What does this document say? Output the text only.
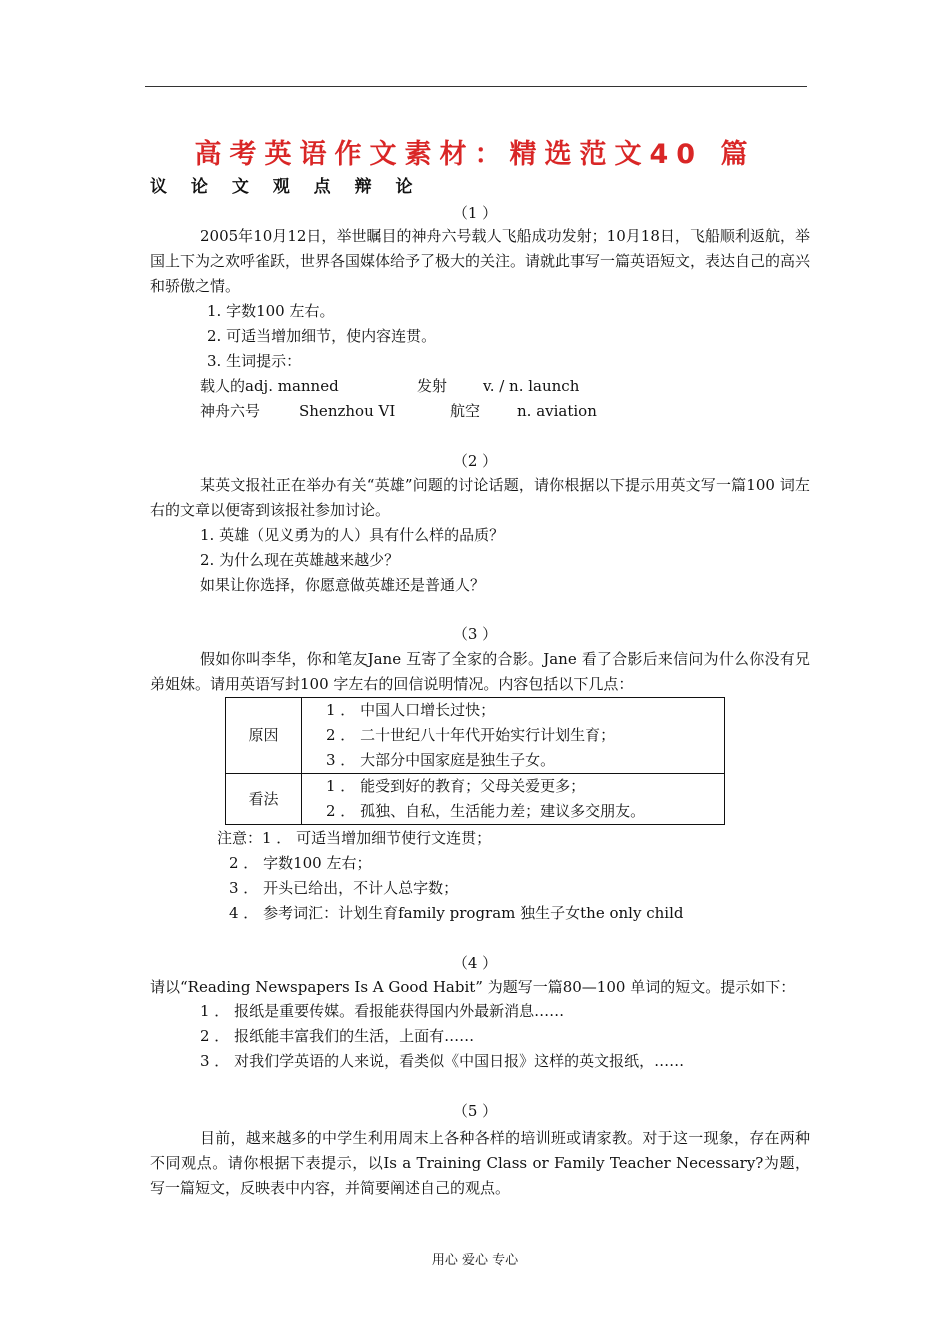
高考英语作文素材：精选范文40 篇
议 论 文 观 点 辩 论
（1 ）
2005年10月12日，举世瞩目的神舟六号载人飞船成功发射；10月18日，飞船顺利返航，举国上下为之欢呼雀跃，世界各国媒体给予了极大的关注。请就此事写一篇英语短文，表达自己的高兴和骄傲之情。
1. 字数100 左右。
2. 可适当增加细节，使内容连贯。
3. 生词提示：
载人的adj. manned	发射 v. / n. launch
神舟六号	Shenzhou VI	航空 n. aviation
（2 ）
某英文报社正在举办有关“英雄”问题的讨论话题，请你根据以下提示用英文写一篇100 词左右的文章以便寄到该报社参加讨论。
1. 英雄（见义勇为的人）具有什么样的品质？
2. 为什么现在英雄越来越少？
如果让你选择，你愿意做英雄还是普通人？
（3 ）
假如你叫李华，你和笔友Jane 互寄了全家的合影。Jane 看了合影后来信问为什么你没有兄弟姐妹。请用英语写封100 字左右的回信说明情况。内容包括以下几点：
原因	1 ． 中国人口增长过快；
2 ． 二十世纪八十年代开始实行计划生育；
3 ． 大部分中国家庭是独生子女。

看法	1 ． 能受到好的教育；父母关爱更多；
2 ． 孤独、自私，生活能力差；建议多交朋友。
注意：1 ． 可适当增加细节使行文连贯；
2 ． 字数100 左右；
3 ． 开头已给出，不计人总字数；
4 ． 参考词汇：计划生育family program 独生子女the only child
（4 ）
请以“Reading Newspapers Is A Good Habit” 为题写一篇80—100 单词的短文。提示如下：
1 ． 报纸是重要传媒。看报能获得国内外最新消息……
2 ． 报纸能丰富我们的生活，上面有……
3 ． 对我们学英语的人来说，看类似《中国日报》这样的英文报纸，……
（5 ）
目前，越来越多的中学生利用周末上各种各样的培训班或请家教。对于这一现象，存在两种不同观点。请你根据下表提示，以Is a Training Class or Family Teacher Necessary?为题，写一篇短文，反映表中内容，并简要阐述自己的观点。
用心 爱心 专心
